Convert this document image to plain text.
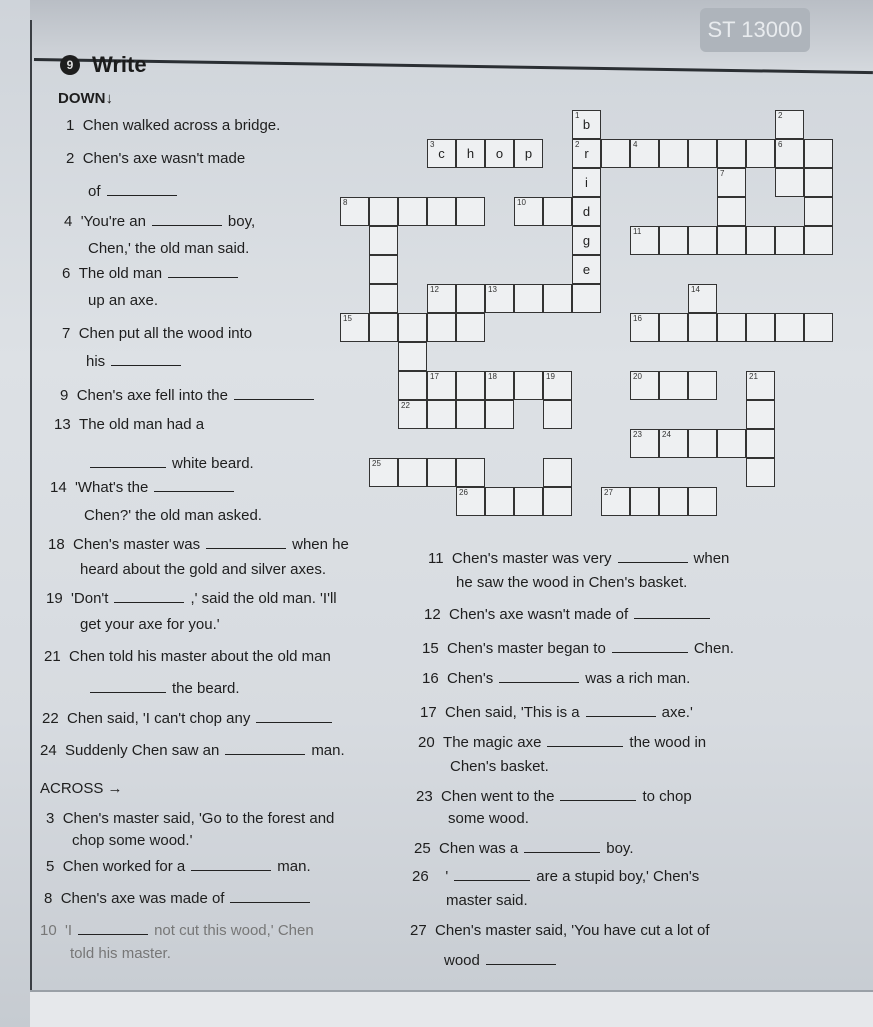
ST 13000
9 Write
DOWN↓
1 Chen walked across a bridge.
2 Chen's axe wasn't made
of
4 'You're an	boy,
Chen,' the old man said.
6 The old man
up an axe.
7 Chen put all the wood into
his
9 Chen's axe fell into the
13 The old man had a
white beard.
14 'What's the
Chen?' the old man asked.
18 Chen's master was	when he
heard about the gold and silver axes.
19 'Don't	,' said the old man. 'I'll
get your axe for you.'
21 Chen told his master about the old man
the beard.
22 Chen said, 'I can't chop any
24 Suddenly Chen saw an	man.
ACROSS →
3 Chen's master said, 'Go to the forest and
chop some wood.'
5 Chen worked for a	man.
8 Chen's axe was made of
10 'I	not cut this wood,' Chen
told his master.
11 Chen's master was very	when
he saw the wood in Chen's basket.
12 Chen's axe wasn't made of
15 Chen's master began to	Chen.
16 Chen's	was a rich man.
17 Chen said, 'This is a	axe.'
20 The magic axe	the wood in
Chen's basket.
23 Chen went to the	to chop
some wood.
25 Chen was a	boy.
26 '	are a stupid boy,' Chen's
master said.
27 Chen's master said, 'You have cut a lot of
wood
b
1
r
2
i
d
g
e
c
3
h	o	p
4	6
8	10
11
2
7
12	13	14
15	16
17	18	19	20	21
22
23	24
25
26	27
